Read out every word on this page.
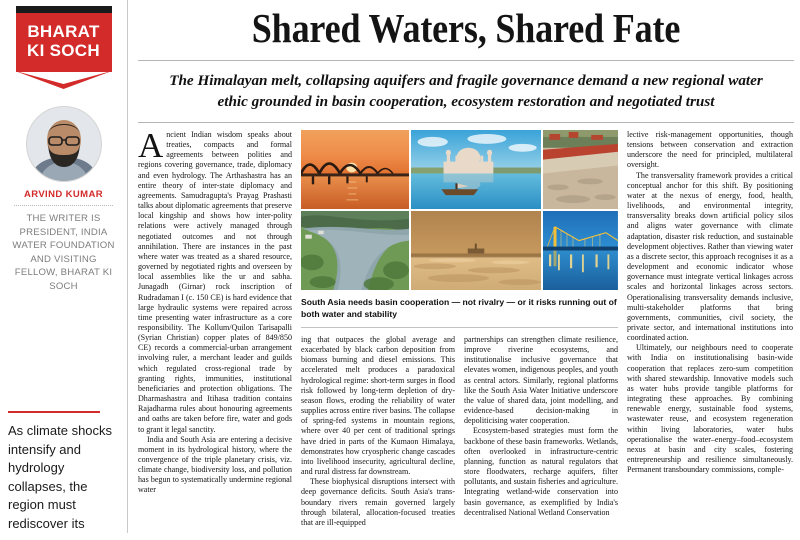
BHARAT
KI SOCH
ARVIND KUMAR
THE WRITER IS PRESIDENT, INDIA WATER FOUNDATION AND VISITING FELLOW, BHARAT KI SOCH
As climate shocks intensify and hydrology collapses, the region must rediscover its
Shared Waters, Shared Fate
The Himalayan melt, collapsing aquifers and fragile governance demand a new regional water ethic grounded in basin cooperation, ecosystem restoration and negotiated trust

Ancient Indian wisdom speaks about treaties, compacts and formal agreements between polities and regions covering governance, trade, diplomacy and even hydrology. The Arthashastra has an entire theory of inter-state diplomacy and agreements. Samudragupta's Prayag Prashasti talks about diplomatic agreements that preserve local kingship and shows how inter-polity relations were actively managed through negotiated outcomes and not through annihilation. There are instances in the past where water was treated as a shared resource, governed by negotiated rights and overseen by local assemblies like the ur and sabha. Junagadh (Girnar) rock inscription of Rudradaman I (c. 150 CE) is hard evidence that large hydraulic systems were repaired across time presenting water infrastructure as a core responsibility. The Kollum/Quilon Tarisapalli (Syrian Christian) copper plates of 849/850 CE) records a commercial-urban arrangement involving ruler, a merchant leader and guilds which regulated cross-regional trade by granting rights, immunities, institutional beneficiaries and protection obligations. The Dharmashastra and Itihasa tradition contains Rajadharma rules about honouring agreements and oaths are taken before fire, water and gods to grant it legal sanctity.

India and South Asia are entering a decisive moment in its hydrological history, where the convergence of the triple planetary crisis, viz. climate change, biodiversity loss, and pollution has begun to systematically undermine regional water

South Asia needs basin cooperation — not rivalry — or it risks running out of both water and stability

ing that outpaces the global average and exacerbated by black carbon deposition from biomass burning and diesel emissions. This accelerated melt produces a paradoxical hydrological regime: short-term surges in flood risk followed by long-term depletion of dry-season flows, eroding the reliability of water supplies across entire river basins. The collapse of spring-fed systems in mountain regions, where over 40 per cent of traditional springs have dried in parts of the Kumaon Himalaya, demonstrates how cryospheric change cascades into livelihood insecurity, agricultural decline, and rural distress far downstream.

These biophysical disruptions intersect with deep governance deficits. South Asia's trans-boundary rivers remain governed largely through bilateral, allocation-focused treaties that are ill-equipped

partnerships can strengthen climate resilience, improve riverine ecosystems, and institutionalise inclusive governance that elevates women, indigenous peoples, and youth as central actors. Similarly, regional platforms like the South Asia Water Initiative underscore the value of shared data, joint modelling, and evidence-based decision-making in depoliticising water cooperation.

Ecosystem-based strategies must form the backbone of these basin frameworks. Wetlands, often overlooked in infrastructure-centric planning, function as natural regulators that store floodwaters, recharge aquifers, filter pollutants, and sustain fisheries and agriculture. Integrating wetland-wide conservation into basin governance, as exemplified by India's decentralised National Wetland Conservation

lective risk-management opportunities, though tensions between conservation and extraction underscore the need for principled, multilateral oversight.

The transversality framework provides a critical conceptual anchor for this shift. By positioning water at the nexus of energy, food, health, livelihoods, and environmental integrity, transversality breaks down artificial policy silos and aligns water governance with climate adaptation, disaster risk reduction, and sustainable development objectives. Rather than viewing water as a discrete sector, this approach recognises it as a development and economic indicator whose governance must integrate vertical linkages across scales and horizontal linkages across sectors. Operationalising transversality demands inclusive, multi-stakeholder platforms that bring governments, communities, civil society, the private sector, and international institutions into coordinated action.

Ultimately, our neighbours need to cooperate with India on institutionalising basin-wide cooperation that replaces zero-sum competition with shared stewardship. Innovative models such as water hubs provide tangible platforms for integrating these approaches. By combining renewable energy, sustainable food systems, wastewater reuse, and ecosystem regeneration within living laboratories, water hubs operationalise the water–energy–food–ecosystem nexus at basin and city scales, fostering entrepreneurship and resilience simultaneously. Permanent transboundary commissions, comple-
